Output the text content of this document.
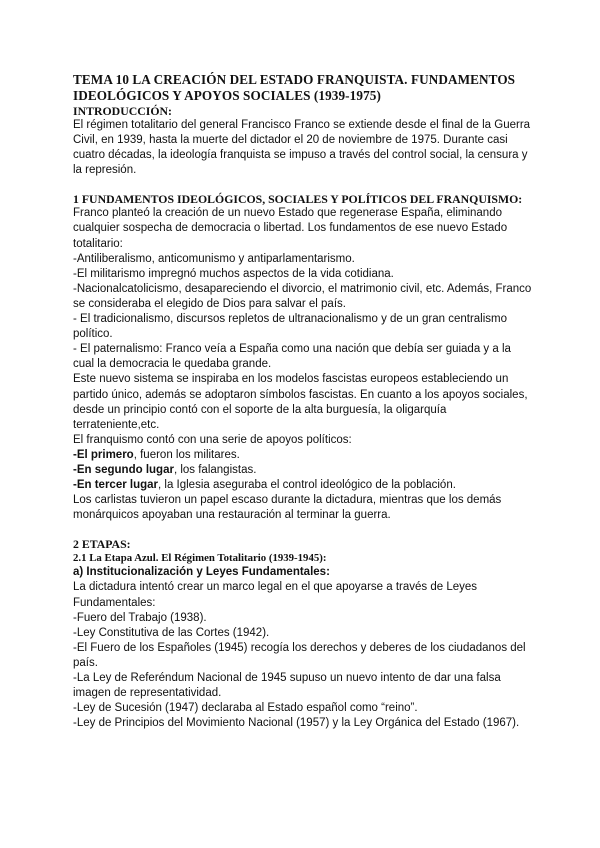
TEMA 10 LA CREACIÓN DEL ESTADO FRANQUISTA. FUNDAMENTOS IDEOLÓGICOS Y APOYOS SOCIALES (1939-1975)

INTRODUCCIÓN:

El régimen totalitario del general Francisco Franco se extiende desde el final de la Guerra Civil, en 1939, hasta la muerte del dictador el 20 de noviembre de 1975. Durante casi cuatro décadas, la ideología franquista se impuso a través del control social, la censura y la represión.

1 FUNDAMENTOS IDEOLÓGICOS, SOCIALES Y POLÍTICOS DEL FRANQUISMO:

Franco planteó la creación de un nuevo Estado que regenerase España, eliminando cualquier sospecha de democracia o libertad. Los fundamentos de ese nuevo Estado totalitario:

-Antiliberalismo, anticomunismo y antiparlamentarismo.

-El militarismo impregnó muchos aspectos de la vida cotidiana.

-Nacionalcatolicismo, desapareciendo el divorcio, el matrimonio civil, etc. Además, Franco se consideraba el elegido de Dios para salvar el país.

- El tradicionalismo, discursos repletos de ultranacionalismo y de un gran centralismo político.

- El paternalismo: Franco veía a España como una nación que debía ser guiada y a la cual la democracia le quedaba grande.

Este nuevo sistema se inspiraba en los modelos fascistas europeos estableciendo un partido único, además se adoptaron símbolos fascistas. En cuanto a los apoyos sociales, desde un principio contó con el soporte de la alta burguesía, la oligarquía terrateniente,etc.

El franquismo contó con una serie de apoyos políticos:

-El primero, fueron los militares.

-En segundo lugar, los falangistas.

-En tercer lugar, la Iglesia aseguraba el control ideológico de la población.

Los carlistas tuvieron un papel escaso durante la dictadura, mientras que los demás monárquicos apoyaban una restauración al terminar la guerra.

2 ETAPAS:

2.1 La Etapa Azul. El Régimen Totalitario (1939-1945):

a) Institucionalización y Leyes Fundamentales:

La dictadura intentó crear un marco legal en el que apoyarse a través de Leyes Fundamentales:

-Fuero del Trabajo (1938).

-Ley Constitutiva de las Cortes (1942).

-El Fuero de los Españoles (1945) recogía los derechos y deberes de los ciudadanos del país.

-La Ley de Referéndum Nacional de 1945 supuso un nuevo intento de dar una falsa imagen de representatividad.

-Ley de Sucesión (1947) declaraba al Estado español como “reino”.

-Ley de Principios del Movimiento Nacional (1957) y la Ley Orgánica del Estado (1967).
